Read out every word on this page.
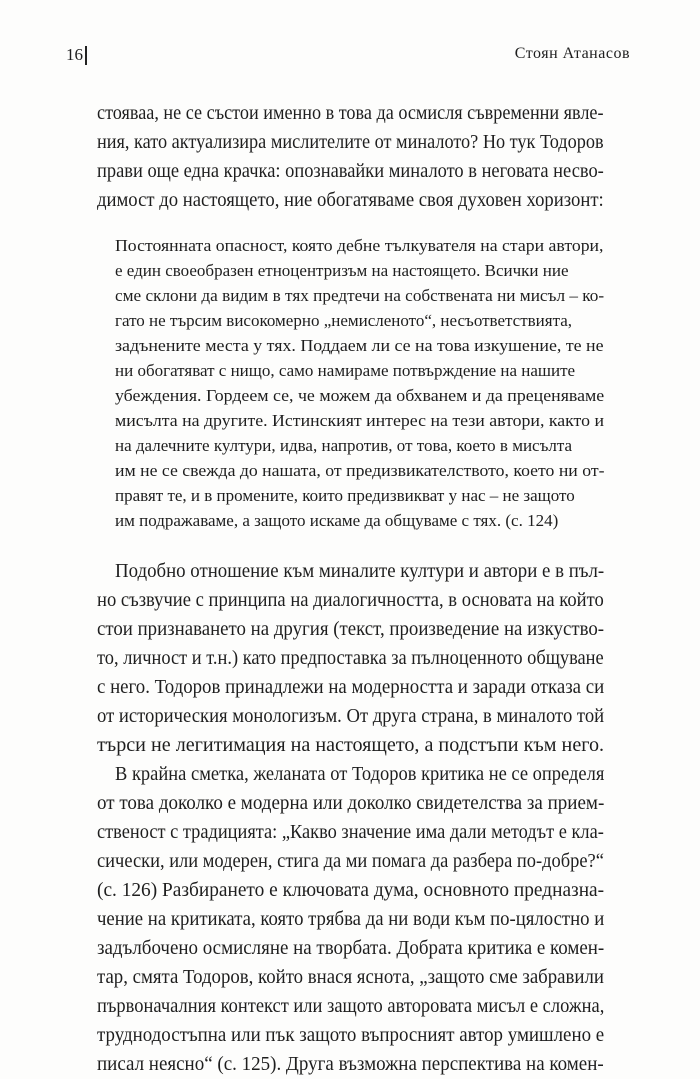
16	Стоян Атанасов
стояваа, не се състои именно в това да осмисля съвременни явле-
ния, като актуализира мислителите от миналото? Но тук Тодоров
прави още една крачка: опознавайки миналото в неговата несво-
димост до настоящето, ние обогатяваме своя духовен хоризонт:
Постоянната опасност, която дебне тълкувателя на стари автори,
е един своеобразен етноцентризъм на настоящето. Всички ние
сме склони да видим в тях предтечи на собствената ни мисъл – ко-
гато не търсим високомерно „немисленото“, несъответствията,
задънените места у тях. Поддаем ли се на това изкушение, те не
ни обогатяват с нищо, само намираме потвърждение на нашите
убеждения. Гордеем се, че можем да обхванем и да преценяваме
мисълта на другите. Истинският интерес на тези автори, както и
на далечните култури, идва, напротив, от това, което в мисълта
им не се свежда до нашата, от предизвикателството, което ни от-
правят те, и в промените, които предизвикват у нас – не защото
им подражаваме, а защото искаме да общуваме с тях. (с. 124)
Подобно отношение към миналите култури и автори е в пъл-
но съзвучие с принципа на диалогичността, в основата на който
стои признаването на другия (текст, произведение на изкуство-
то, личност и т.н.) като предпоставка за пълноценното общуване
с него. Тодоров принадлежи на модерността и заради отказа си
от историческия монологизъм. От друга страна, в миналото той
търси не легитимация на настоящето, а подстъпи към него.
В крайна сметка, желаната от Тодоров критика не се определя
от това доколко е модерна или доколко свидетелства за прием-
ственост с традицията: „Какво значение има дали методът е кла-
сически, или модерен, стига да ми помага да разбера по-добре?“
(с. 126) Разбирането е ключовата дума, основното предназна-
чение на критиката, която трябва да ни води към по-цялостно и
задълбочено осмисляне на творбата. Добрата критика е комен-
тар, смята Тодоров, който внася яснота, „защото сме забравили
първоначалния контекст или защото авторовата мисъл е сложна,
труднодостъпна или пък защото въпросният автор умишлено е
писал неясно“ (с. 125). Друга възможна перспектива на комен-
